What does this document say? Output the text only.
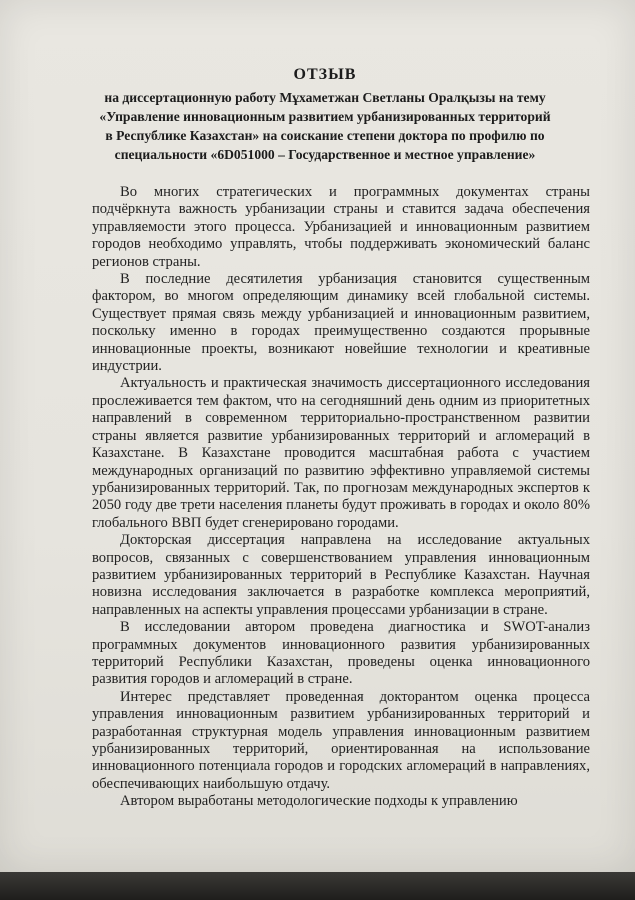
ОТЗЫВ
на диссертационную работу Мұхаметжан Светланы Оралқызы на тему
«Управление инновационным развитием урбанизированных территорий
в Республике Казахстан» на соискание степени доктора по профилю по
специальности «6D051000 – Государственное и местное управление»

Во многих стратегических и программных документах страны подчёркнута важность урбанизации страны и ставится задача обеспечения управляемости этого процесса. Урбанизацией и инновационным развитием городов необходимо управлять, чтобы поддерживать экономический баланс регионов страны.

В последние десятилетия урбанизация становится существенным фактором, во многом определяющим динамику всей глобальной системы. Существует прямая связь между урбанизацией и инновационным развитием, поскольку именно в городах преимущественно создаются прорывные инновационные проекты, возникают новейшие технологии и креативные индустрии.

Актуальность и практическая значимость диссертационного исследования прослеживается тем фактом, что на сегодняшний день одним из приоритетных направлений в современном территориально-пространственном развитии страны является развитие урбанизированных территорий и агломераций в Казахстане. В Казахстане проводится масштабная работа с участием международных организаций по развитию эффективно управляемой системы урбанизированных территорий. Так, по прогнозам международных экспертов к 2050 году две трети населения планеты будут проживать в городах и около 80% глобального ВВП будет сгенерировано городами.

Докторская диссертация направлена на исследование актуальных вопросов, связанных с совершенствованием управления инновационным развитием урбанизированных территорий в Республике Казахстан. Научная новизна исследования заключается в разработке комплекса мероприятий, направленных на аспекты управления процессами урбанизации в стране.

В исследовании автором проведена диагностика и SWOT-анализ программных документов инновационного развития урбанизированных территорий Республики Казахстан, проведены оценка инновационного развития городов и агломераций в стране.

Интерес представляет проведенная докторантом оценка процесса управления инновационным развитием урбанизированных территорий и разработанная структурная модель управления инновационным развитием урбанизированных территорий, ориентированная на использование инновационного потенциала городов и городских агломераций в направлениях, обеспечивающих наибольшую отдачу.

Автором выработаны методологические подходы к управлению
